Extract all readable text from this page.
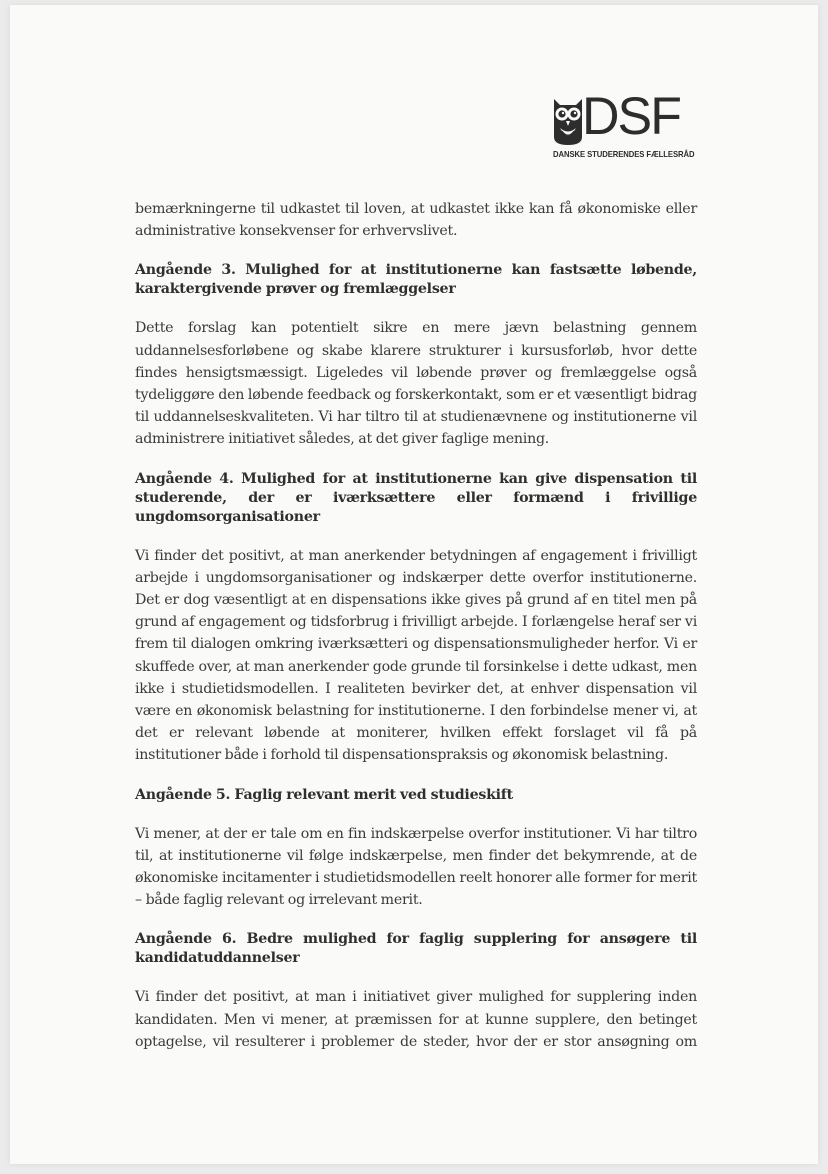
DSF
DANSKE STUDERENDES FÆLLESRÅD

bemærkningerne til udkastet til loven, at udkastet ikke kan få økonomiske eller administrative konsekvenser for erhvervslivet.

Angående 3. Mulighed for at institutionerne kan fastsætte løbende, karaktergivende prøver og fremlæggelser

Dette forslag kan potentielt sikre en mere jævn belastning gennem uddannelsesforløbene og skabe klarere strukturer i kursusforløb, hvor dette findes hensigtsmæssigt. Ligeledes vil løbende prøver og fremlæggelse også tydeliggøre den løbende feedback og forskerkontakt, som er et væsentligt bidrag til uddannelseskvaliteten. Vi har tiltro til at studienævnene og institutionerne vil administrere initiativet således, at det giver faglige mening.

Angående 4. Mulighed for at institutionerne kan give dispensation til studerende, der er iværksættere eller formænd i frivillige ungdomsorganisationer

Vi finder det positivt, at man anerkender betydningen af engagement i frivilligt arbejde i ungdomsorganisationer og indskærper dette overfor institutionerne. Det er dog væsentligt at en dispensations ikke gives på grund af en titel men på grund af engagement og tidsforbrug i frivilligt arbejde. I forlængelse heraf ser vi frem til dialogen omkring iværksætteri og dispensationsmuligheder herfor. Vi er skuffede over, at man anerkender gode grunde til forsinkelse i dette udkast, men ikke i studietidsmodellen. I realiteten bevirker det, at enhver dispensation vil være en økonomisk belastning for institutionerne. I den forbindelse mener vi, at det er relevant løbende at moniterer, hvilken effekt forslaget vil få på institutioner både i forhold til dispensationspraksis og økonomisk belastning.

Angående 5. Faglig relevant merit ved studieskift

Vi mener, at der er tale om en fin indskærpelse overfor institutioner. Vi har tiltro til, at institutionerne vil følge indskærpelse, men finder det bekymrende, at de økonomiske incitamenter i studietidsmodellen reelt honorer alle former for merit – både faglig relevant og irrelevant merit.

Angående 6. Bedre mulighed for faglig supplering for ansøgere til kandidatuddannelser

Vi finder det positivt, at man i initiativet giver mulighed for supplering inden kandidaten. Men vi mener, at præmissen for at kunne supplere, den betinget optagelse, vil resulterer i problemer de steder, hvor der er stor ansøgning om
